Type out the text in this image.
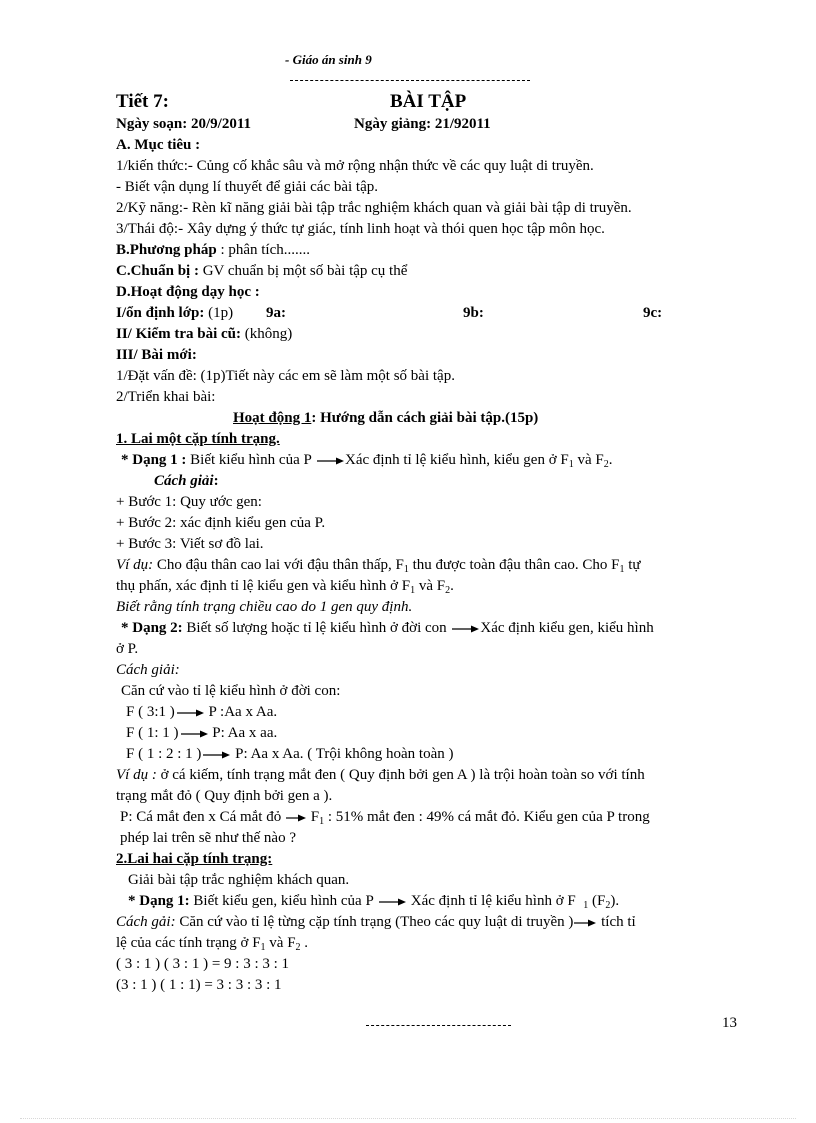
- Giáo án sinh 9
Tiết 7:	BÀI TẬP
Ngày soạn: 20/9/2011	Ngày giảng: 21/92011
A. Mục tiêu :
1/kiến thức:- Củng cố khắc sâu và mở rộng nhận thức về các quy luật di truyền.
- Biết vận dụng lí thuyết để giải các bài tập.
2/Kỹ năng:- Rèn kĩ năng giải bài tập trắc nghiệm khách quan và giải bài tập di truyền.
3/Thái độ:- Xây dựng ý thức tự giác, tính linh hoạt và thói quen học tập môn học.
B.Phương pháp : phân tích.......
C.Chuẩn bị : GV chuẩn bị một số bài tập cụ thể
D.Hoạt động dạy học :
I/ổn định lớp: (1p) 9a:	9b:	9c:
II/ Kiểm tra bài cũ: (không)
III/ Bài mới:
1/Đặt vấn đề: (1p)Tiết này các em sẽ làm một số bài tập.
2/Triển khai bài:
Hoạt động 1: Hướng dẫn cách giải bài tập.(15p)
1. Lai một cặp tính trạng.
* Dạng 1 : Biết kiểu hình của P Xác định tỉ lệ kiểu hình, kiểu gen ở $F_1$ và $F_2$.
Cách giải:
+ Bước 1: Quy ước gen:
+ Bước 2: xác định kiểu gen của P.
+ Bước 3: Viết sơ đồ lai.
Ví dụ: Cho đậu thân cao lai với đậu thân thấp, $F_1$ thu được toàn đậu thân cao. Cho $F_1$ tự
thụ phấn, xác định tỉ lệ kiểu gen và kiểu hình ở $F_1$ và $F_2$.
Biết rằng tính trạng chiều cao do 1 gen quy định.
* Dạng 2: Biết số lượng hoặc tỉ lệ kiểu hình ở đời con Xác định kiểu gen, kiểu hình
ở P.
Cách giải:
Căn cứ vào tỉ lệ kiểu hình ở đời con:
F ( 3:1 ) P :Aa x Aa.
F ( 1: 1 ) P: Aa x aa.
F ( 1 : 2 : 1 ) P: Aa x Aa. ( Trội không hoàn toàn )
Ví dụ : ở cá kiếm, tính trạng mắt đen ( Quy định bởi gen A ) là trội hoàn toàn so với tính
trạng mắt đỏ ( Quy định bởi gen a ).
P: Cá mắt đen x Cá mắt đỏ  $F_1$ : 51% mắt đen : 49% cá mắt đỏ. Kiểu gen của P trong
phép lai trên sẽ như thế nào ?
2.Lai hai cặp tính trạng:
Giải bài tập trắc nghiệm khách quan.
* Dạng 1: Biết kiểu gen, kiểu hình của P  Xác định tỉ lệ kiểu hình ở F $_1$ $(F_2)$.
Cách gải: Căn cứ vào tỉ lệ từng cặp tính trạng (Theo các quy luật di truyền ) tích tỉ
lệ của các tính trạng ở $F_1$ và $F_2$ .
( 3 : 1 ) ( 3 : 1 ) = 9 : 3 : 3 : 1
(3 : 1 ) ( 1 : 1) = 3 : 3 : 3 : 1
13
